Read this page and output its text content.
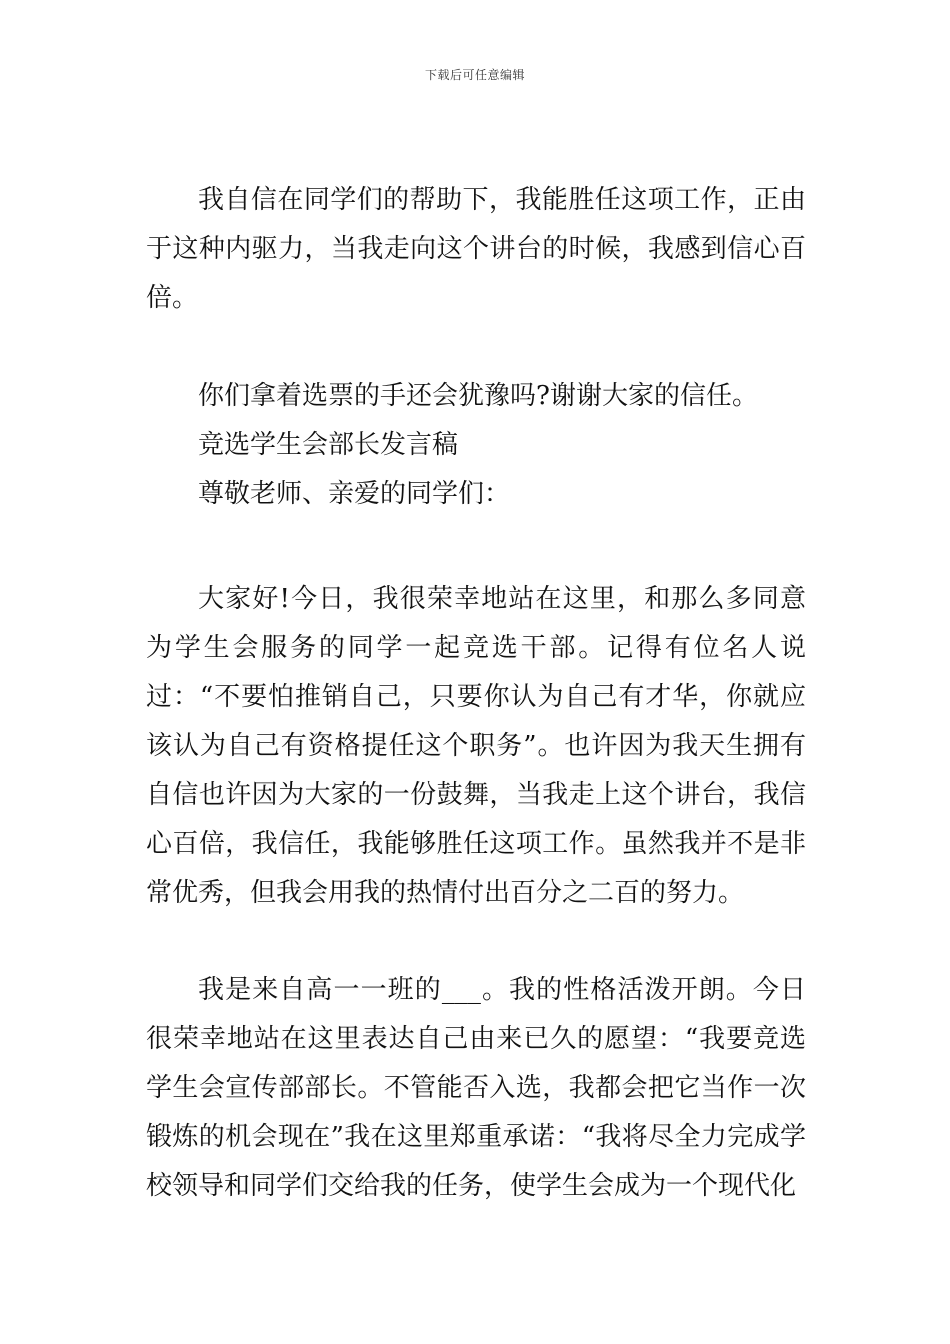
下载后可任意编辑

我自信在同学们的帮助下，我能胜任这项工作，正由于这种内驱力，当我走向这个讲台的时候，我感到信心百倍。

你们拿着选票的手还会犹豫吗?谢谢大家的信任。

竞选学生会部长发言稿

尊敬老师、亲爱的同学们：

大家好!今日，我很荣幸地站在这里，和那么多同意为学生会服务的同学一起竞选干部。记得有位名人说过：“不要怕推销自己，只要你认为自己有才华，你就应该认为自己有资格提任这个职务”。也许因为我天生拥有自信也许因为大家的一份鼓舞，当我走上这个讲台，我信心百倍，我信任，我能够胜任这项工作。虽然我并不是非常优秀，但我会用我的热情付出百分之二百的努力。

我是来自高一一班的___。我的性格活泼开朗。今日很荣幸地站在这里表达自己由来已久的愿望：“我要竞选学生会宣传部部长。不管能否入选，我都会把它当作一次锻炼的机会现在”我在这里郑重承诺：“我将尽全力完成学校领导和同学们交给我的任务，使学生会成为一个现代化
